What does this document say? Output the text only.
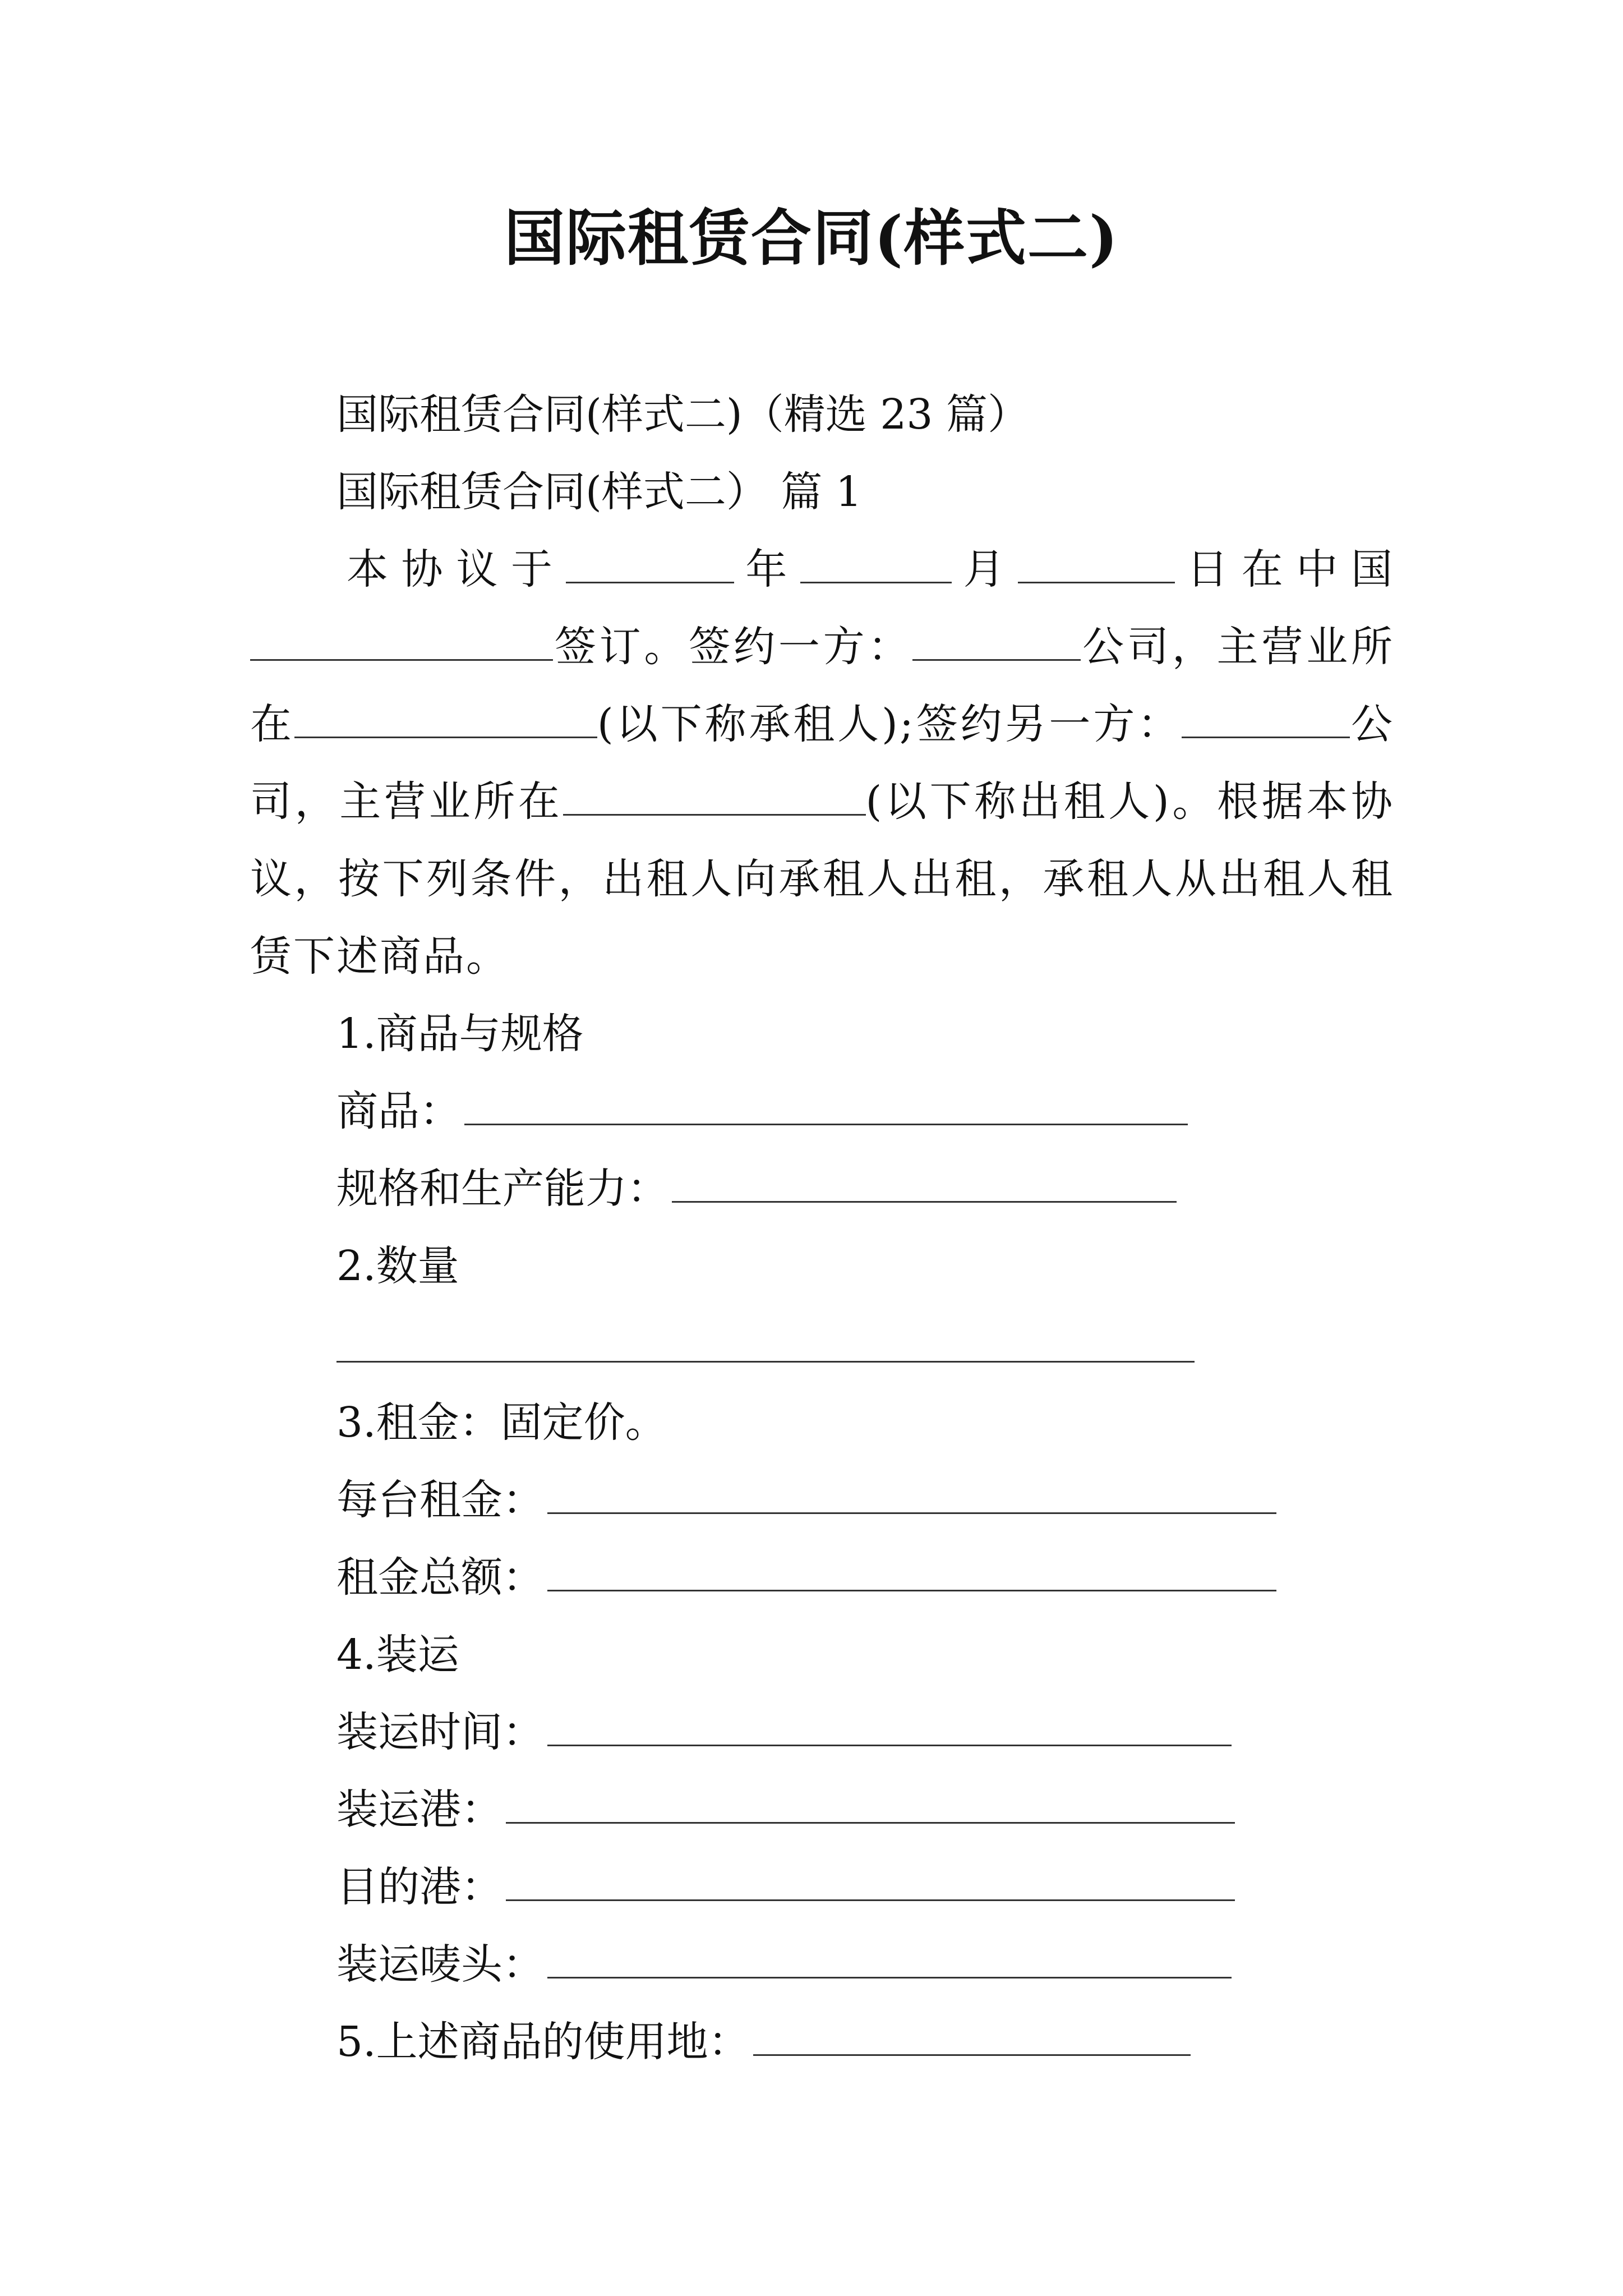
国际租赁合同(样式二)
国际租赁合同(样式二)（精选 23 篇）
国际租赁合同(样式二） 篇 1
本协议于	年	月	日在中国签订。签约一方：	公司，主营业所在	(以下称承租人);签约另一方：	公司，主营业所在	(以下称出租人)。根据本协议，按下列条件，出租人向承租人出租，承租人从出租人租赁下述商品。
1.商品与规格
商品：
规格和生产能力：
2.数量
3.租金：固定价。
每台租金：
租金总额：
4.装运
装运时间：
装运港：
目的港：
装运唛头：
5.上述商品的使用地：
